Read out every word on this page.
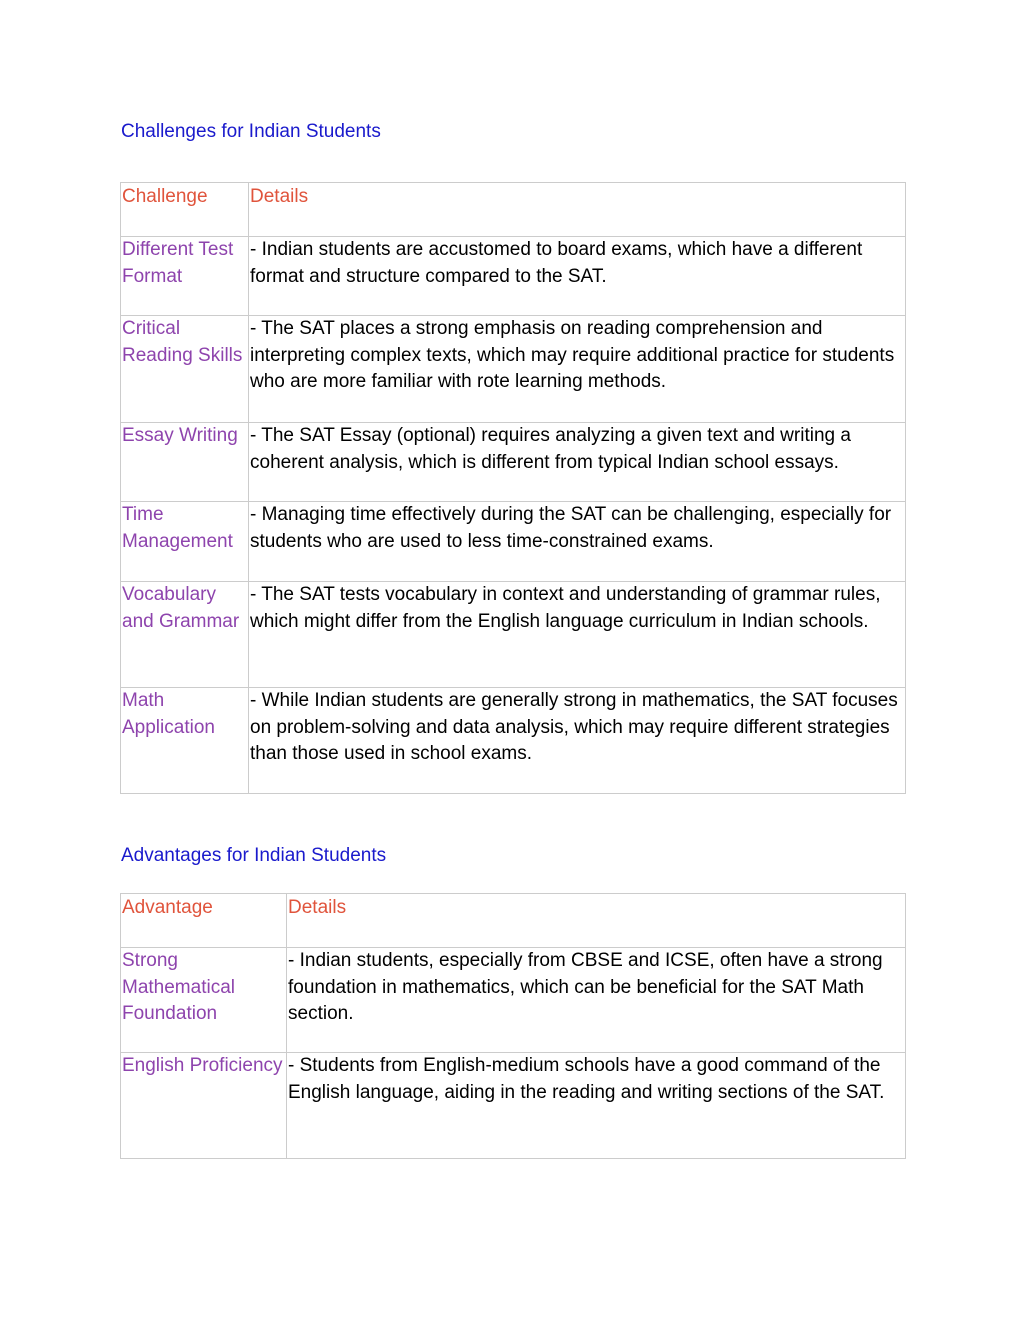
Challenges for Indian Students
Challenge	Details
Different Test Format	- Indian students are accustomed to board exams, which have a different format and structure compared to the SAT.
Critical Reading Skills	- The SAT places a strong emphasis on reading comprehension and interpreting complex texts, which may require additional practice for students who are more familiar with rote learning methods.
Essay Writing	- The SAT Essay (optional) requires analyzing a given text and writing a coherent analysis, which is different from typical Indian school essays.
Time Management	- Managing time effectively during the SAT can be challenging, especially for students who are used to less time-constrained exams.
Vocabulary and Grammar	- The SAT tests vocabulary in context and understanding of grammar rules, which might differ from the English language curriculum in Indian schools.
Math Application	- While Indian students are generally strong in mathematics, the SAT focuses on problem-solving and data analysis, which may require different strategies than those used in school exams.
Advantages for Indian Students
Advantage	Details
Strong Mathematical Foundation	- Indian students, especially from CBSE and ICSE, often have a strong foundation in mathematics, which can be beneficial for the SAT Math section.
English Proficiency	- Students from English-medium schools have a good command of the English language, aiding in the reading and writing sections of the SAT.
